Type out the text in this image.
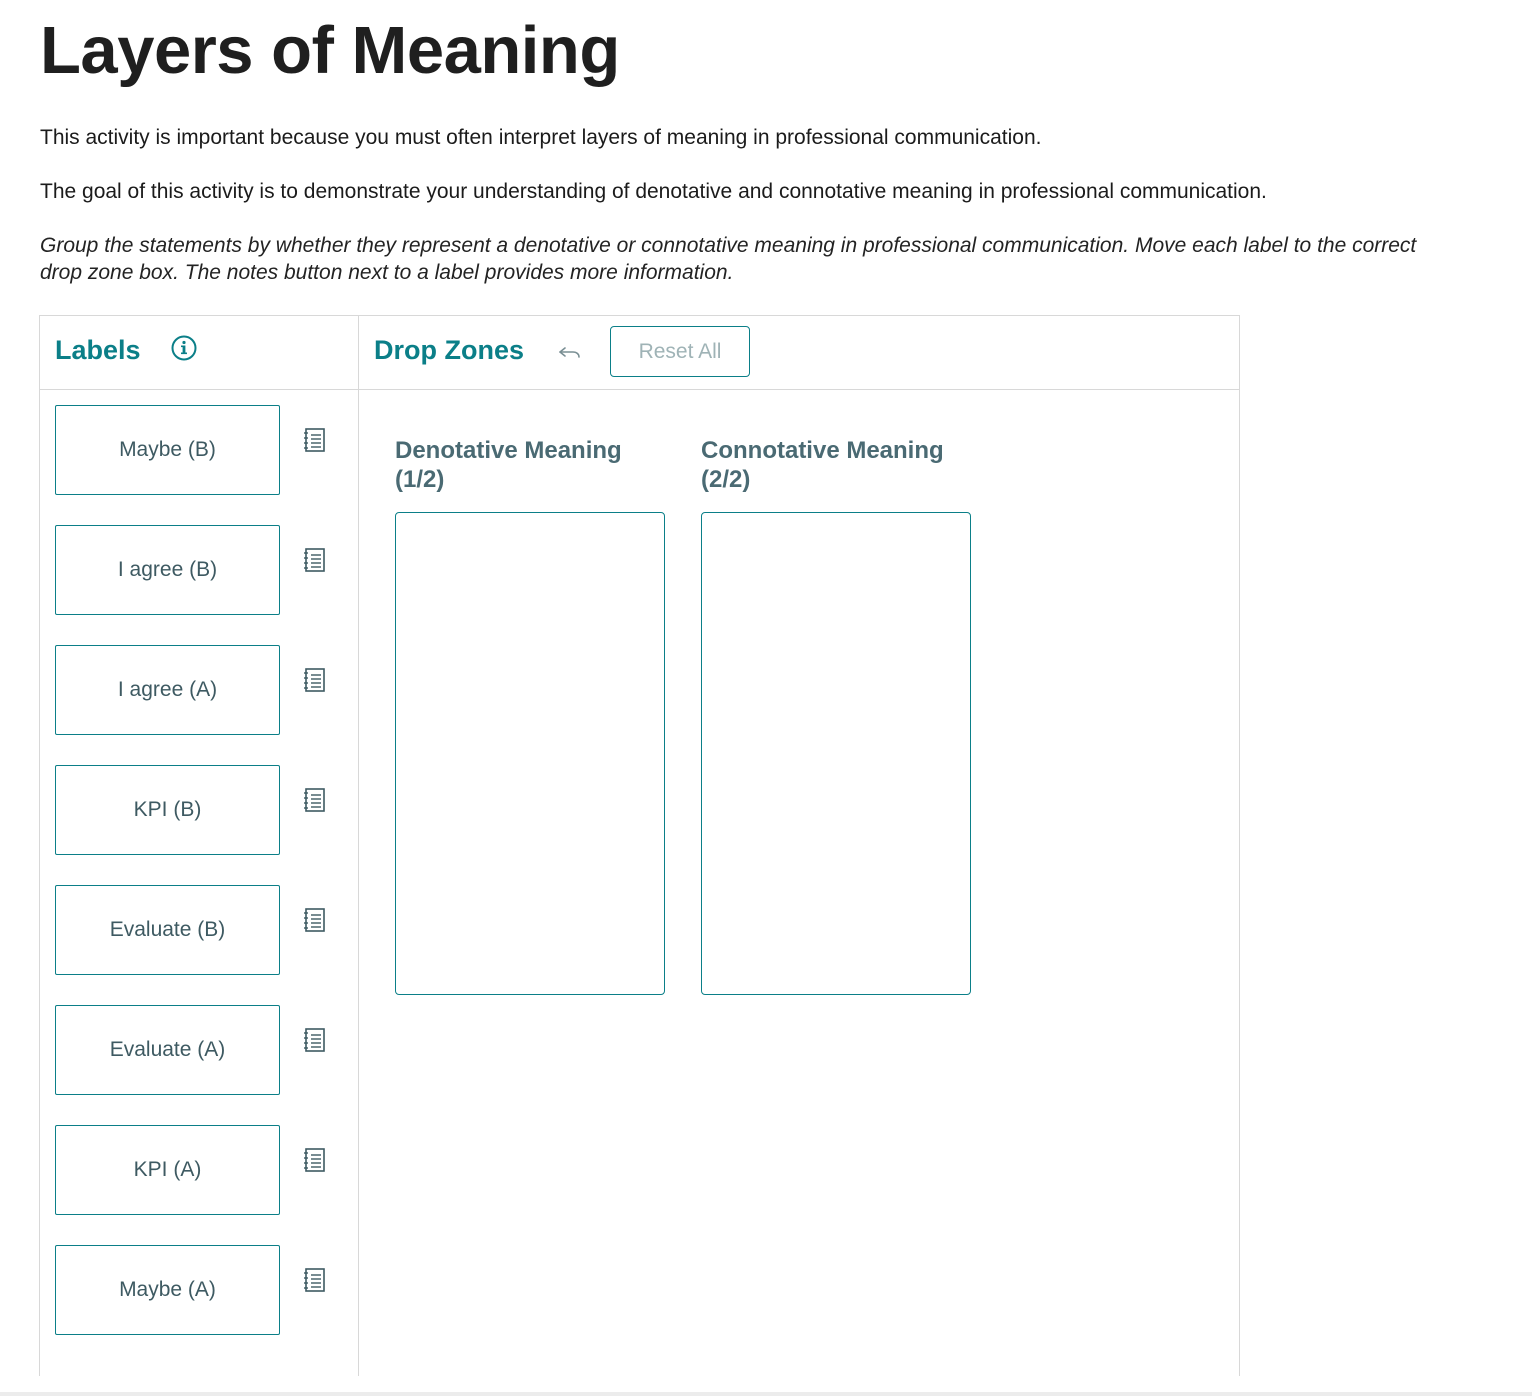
Layers of Meaning
This activity is important because you must often interpret layers of meaning in professional communication.
The goal of this activity is to demonstrate your understanding of denotative and connotative meaning in professional communication.
Group the statements by whether they represent a denotative or connotative meaning in professional communication. Move each label to the correct drop zone box. The notes button next to a label provides more information.
Labels
Maybe (B)
I agree (B)
I agree (A)
KPI (B)
Evaluate (B)
Evaluate (A)
KPI (A)
Maybe (A)
Drop Zones	Reset All

Denotative Meaning (1/2)

Connotative Meaning (2/2)
